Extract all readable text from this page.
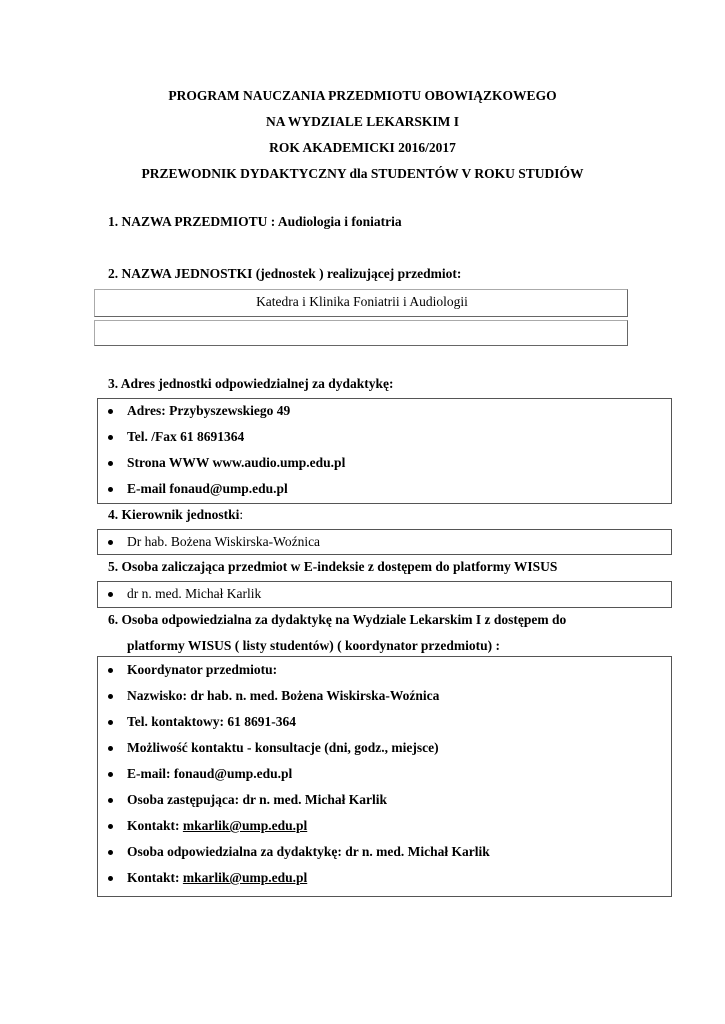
PROGRAM NAUCZANIA PRZEDMIOTU OBOWIĄZKOWEGO
NA WYDZIALE LEKARSKIM I
ROK AKADEMICKI 2016/2017
PRZEWODNIK DYDAKTYCZNY dla STUDENTÓW V ROKU STUDIÓW
1. NAZWA PRZEDMIOTU : Audiologia i foniatria
2. NAZWA JEDNOSTKI (jednostek ) realizującej przedmiot:
Katedra i Klinika Foniatrii i Audiologii
3. Adres jednostki odpowiedzialnej za dydaktykę:
Adres: Przybyszewskiego 49
Tel. /Fax 61 8691364
Strona WWW www.audio.ump.edu.pl
E-mail fonaud@ump.edu.pl
4. Kierownik jednostki:
Dr hab. Bożena Wiskirska-Woźnica
5. Osoba zaliczająca przedmiot w E-indeksie z dostępem do platformy WISUS
dr n. med. Michał Karlik
6. Osoba odpowiedzialna za dydaktykę na Wydziale Lekarskim I z dostępem do
platformy WISUS ( listy studentów) ( koordynator przedmiotu) :
Koordynator przedmiotu:
Nazwisko: dr hab. n. med. Bożena Wiskirska-Woźnica
Tel. kontaktowy: 61 8691-364
Możliwość kontaktu - konsultacje (dni, godz., miejsce)
E-mail: fonaud@ump.edu.pl
Osoba zastępująca: dr n. med. Michał Karlik
Kontakt: mkarlik@ump.edu.pl
Osoba odpowiedzialna za dydaktykę: dr n. med. Michał Karlik
Kontakt: mkarlik@ump.edu.pl
